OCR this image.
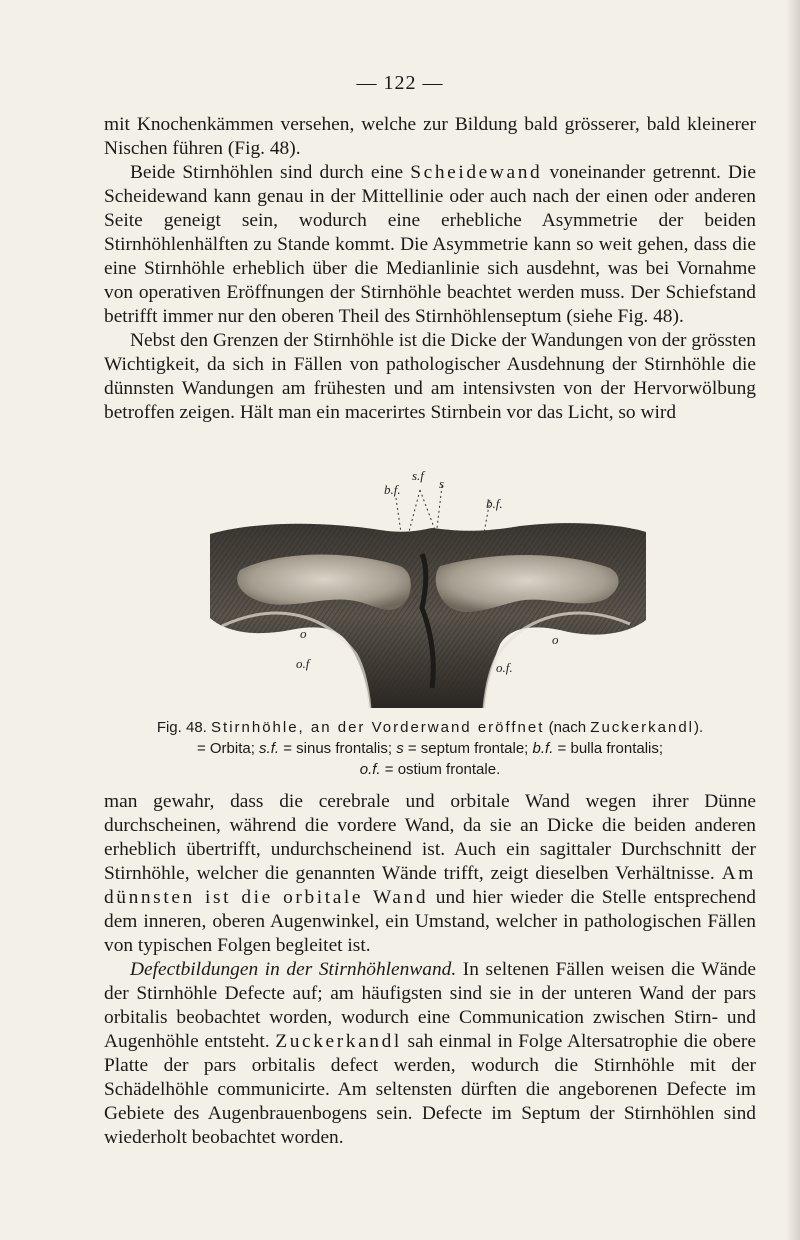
— 122 —

mit Knochenkämmen versehen, welche zur Bildung bald grösserer, bald kleinerer Nischen führen (Fig. 48).

Beide Stirnhöhlen sind durch eine Scheidewand voneinander getrennt. Die Scheidewand kann genau in der Mittellinie oder auch nach der einen oder anderen Seite geneigt sein, wodurch eine erhebliche Asymmetrie der beiden Stirnhöhlenhälften zu Stande kommt. Die Asymmetrie kann so weit gehen, dass die eine Stirnhöhle erheblich über die Medianlinie sich ausdehnt, was bei Vornahme von operativen Eröffnungen der Stirnhöhle beachtet werden muss. Der Schiefstand betrifft immer nur den oberen Theil des Stirnhöhlenseptum (siehe Fig. 48).

Nebst den Grenzen der Stirnhöhle ist die Dicke der Wandungen von der grössten Wichtigkeit, da sich in Fällen von pathologischer Ausdehnung der Stirnhöhle die dünnsten Wandungen am frühesten und am intensivsten von der Hervorwölbung betroffen zeigen. Hält man ein macerirtes Stirnbein vor das Licht, so wird

s.f
s
b.f.
b.f.
o	o
o.f	o.f.
Fig. 48. Stirnhöhle, an der Vorderwand eröffnet (nach Zuckerkandl).
= Orbita; s.f. = sinus frontalis; s = septum frontale; b.f. = bulla frontalis;
o.f. = ostium frontale.

man gewahr, dass die cerebrale und orbitale Wand wegen ihrer Dünne durchscheinen, während die vordere Wand, da sie an Dicke die beiden anderen erheblich übertrifft, undurchscheinend ist. Auch ein sagittaler Durchschnitt der Stirnhöhle, welcher die genannten Wände trifft, zeigt dieselben Verhältnisse. Am dünnsten ist die orbitale Wand und hier wieder die Stelle entsprechend dem inneren, oberen Augenwinkel, ein Umstand, welcher in pathologischen Fällen von typischen Folgen begleitet ist.

Defectbildungen in der Stirnhöhlenwand. In seltenen Fällen weisen die Wände der Stirnhöhle Defecte auf; am häufigsten sind sie in der unteren Wand der pars orbitalis beobachtet worden, wodurch eine Communication zwischen Stirn- und Augenhöhle entsteht. Zuckerkandl sah einmal in Folge Altersatrophie die obere Platte der pars orbitalis defect werden, wodurch die Stirnhöhle mit der Schädelhöhle communicirte. Am seltensten dürften die angeborenen Defecte im Gebiete des Augenbrauenbogens sein. Defecte im Septum der Stirnhöhlen sind wiederholt beobachtet worden.
